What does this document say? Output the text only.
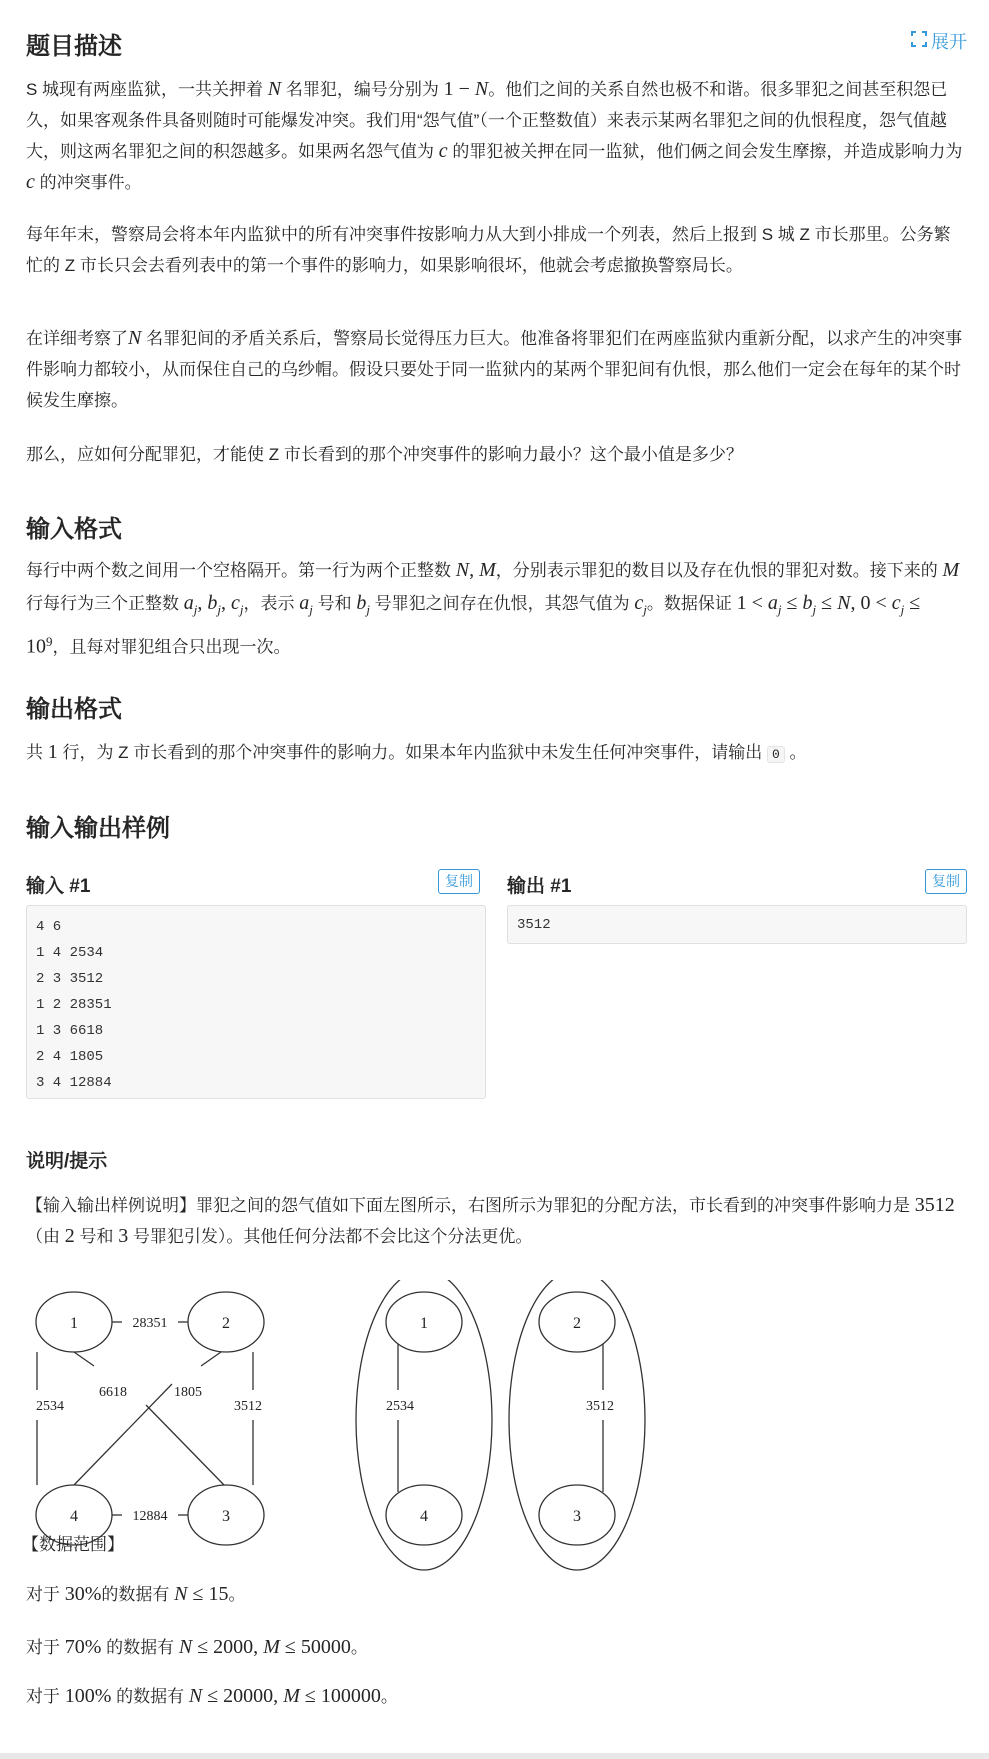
题目描述	展开
S 城现有两座监狱，一共关押着 N 名罪犯，编号分别为 1 − N。他们之间的关系自然也极不和谐。很多罪犯之间甚至积怨已久，如果客观条件具备则随时可能爆发冲突。我们用“怨气值”（一个正整数值）来表示某两名罪犯之间的仇恨程度，怨气值越大，则这两名罪犯之间的积怨越多。如果两名怨气值为 c 的罪犯被关押在同一监狱，他们俩之间会发生摩擦，并造成影响力为 c 的冲突事件。
每年年末，警察局会将本年内监狱中的所有冲突事件按影响力从大到小排成一个列表，然后上报到 S 城 Z 市长那里。公务繁忙的 Z 市长只会去看列表中的第一个事件的影响力，如果影响很坏，他就会考虑撤换警察局长。
在详细考察了N 名罪犯间的矛盾关系后，警察局长觉得压力巨大。他准备将罪犯们在两座监狱内重新分配，以求产生的冲突事件影响力都较小，从而保住自己的乌纱帽。假设只要处于同一监狱内的某两个罪犯间有仇恨，那么他们一定会在每年的某个时候发生摩擦。
那么，应如何分配罪犯，才能使 Z 市长看到的那个冲突事件的影响力最小？这个最小值是多少？
输入格式
每行中两个数之间用一个空格隔开。第一行为两个正整数 N, M，分别表示罪犯的数目以及存在仇恨的罪犯对数。接下来的 M 行每行为三个正整数 $a_j$, $b_j$, $c_j$，表示 $a_j$ 号和 $b_j$ 号罪犯之间存在仇恨，其怨气值为 $c_j$。数据保证 $1 < a_j \le b_j \le N$, $0 < c_j \le 10^9$，且每对罪犯组合只出现一次。
输出格式
共 1 行，为 Z 市长看到的那个冲突事件的影响力。如果本年内监狱中未发生任何冲突事件，请输出 0 。
输入输出样例
输入 #1	复制	输出 #1	复制
4 6
1 4 2534
2 3 3512
1 2 28351
1 3 6618
2 4 1805
3 4 12884
3512
说明/提示
【输入输出样例说明】罪犯之间的怨气值如下面左图所示，右图所示为罪犯的分配方法，市长看到的冲突事件影响力是 3512（由 2 号和 3 号罪犯引发）。其他任何分法都不会比这个分法更优。
1	2
3
4
28351
6618	1805
2534	3512
12884
1
4
2
3
2534	3512
【数据范围】
对于 30%的数据有 N ≤ 15。
对于 70% 的数据有 N ≤ 2000, M ≤ 50000。
对于 100% 的数据有 N ≤ 20000, M ≤ 100000。
